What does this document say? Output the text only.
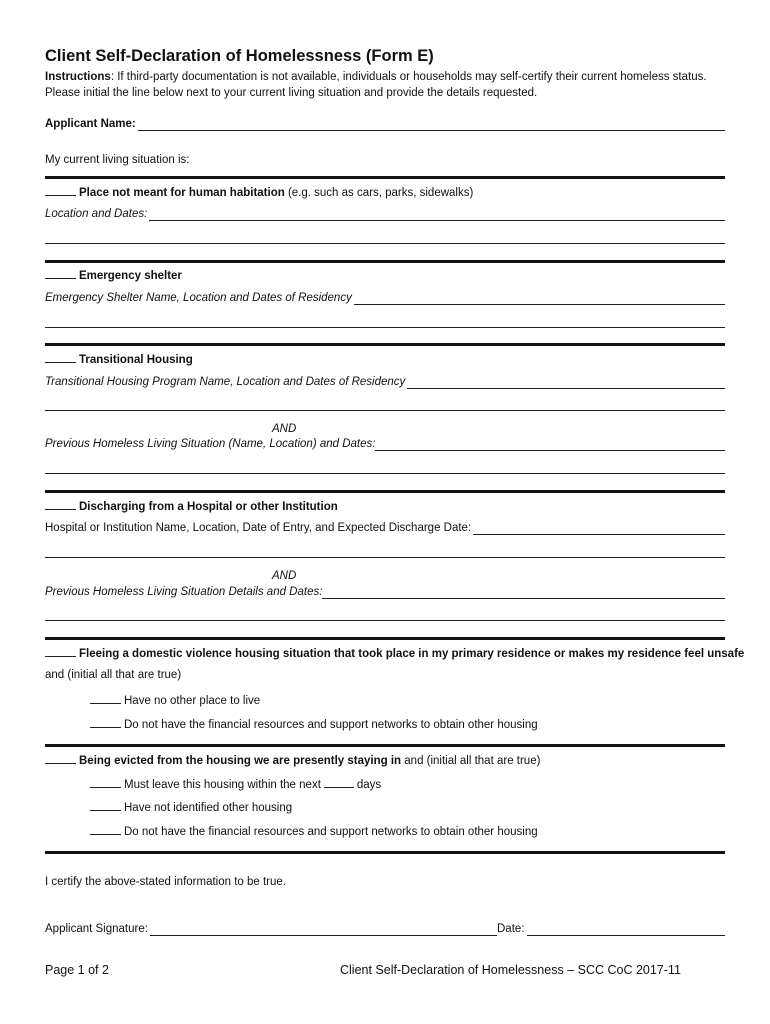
Client Self-Declaration of Homelessness (Form E)
Instructions: If third-party documentation is not available, individuals or households may self-certify their current homeless status.
Please initial the line below next to your current living situation and provide the details requested.
Applicant Name:
My current living situation is:
Place not meant for human habitation (e.g. such as cars, parks, sidewalks)
Location and Dates:
Emergency shelter
Emergency Shelter Name, Location and Dates of Residency
Transitional Housing
Transitional Housing Program Name, Location and Dates of Residency
AND
Previous Homeless Living Situation (Name, Location) and Dates:
Discharging from a Hospital or other Institution
Hospital or Institution Name, Location, Date of Entry, and Expected Discharge Date:
AND
Previous Homeless Living Situation Details and Dates:
Fleeing a domestic violence housing situation that took place in my primary residence or makes my residence feel unsafe
and (initial all that are true)
Have no other place to live
Do not have the financial resources and support networks to obtain other housing
Being evicted from the housing we are presently staying in and (initial all that are true)
Must leave this housing within the next	days
Have not identified other housing
Do not have the financial resources and support networks to obtain other housing
I certify the above-stated information to be true.
Applicant Signature:	Date:
Page 1 of 2	Client Self-Declaration of Homelessness – SCC CoC 2017-11
